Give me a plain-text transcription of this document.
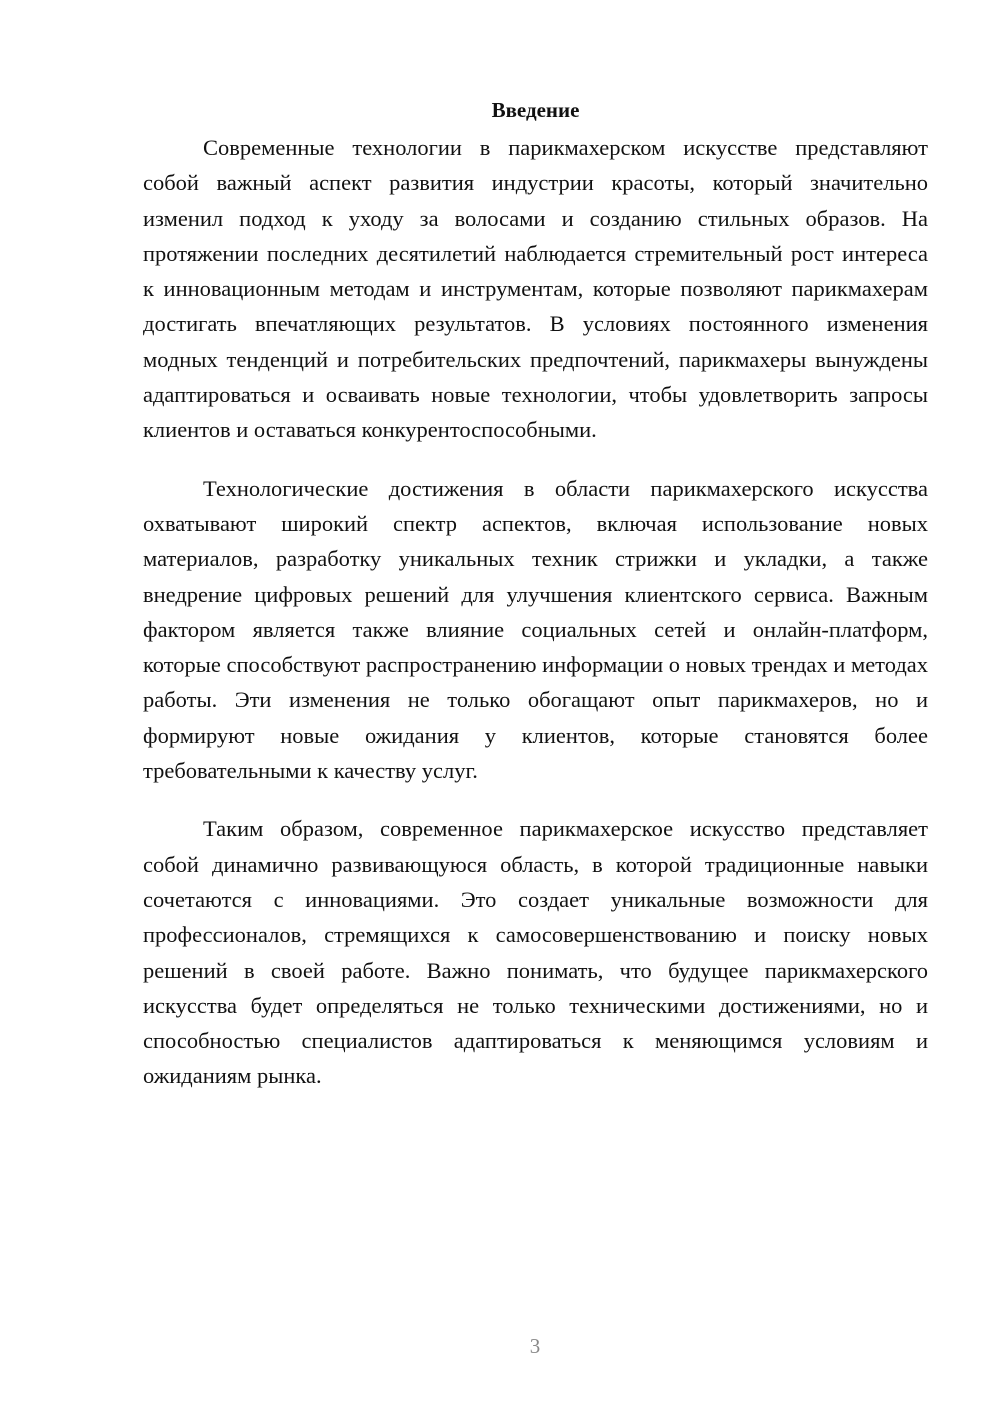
Введение

Современные технологии в парикмахерском искусстве представляют собой важный аспект развития индустрии красоты, который значительно изменил подход к уходу за волосами и созданию стильных образов. На протяжении последних десятилетий наблюдается стремительный рост интереса к инновационным методам и инструментам, которые позволяют парикмахерам достигать впечатляющих результатов. В условиях постоянного изменения модных тенденций и потребительских предпочтений, парикмахеры вынуждены адаптироваться и осваивать новые технологии, чтобы удовлетворить запросы клиентов и оставаться конкурентоспособными.

Технологические достижения в области парикмахерского искусства охватывают широкий спектр аспектов, включая использование новых материалов, разработку уникальных техник стрижки и укладки, а также внедрение цифровых решений для улучшения клиентского сервиса. Важным фактором является также влияние социальных сетей и онлайн-платформ, которые способствуют распространению информации о новых трендах и методах работы. Эти изменения не только обогащают опыт парикмахеров, но и формируют новые ожидания у клиентов, которые становятся более требовательными к качеству услуг.

Таким образом, современное парикмахерское искусство представляет собой динамично развивающуюся область, в которой традиционные навыки сочетаются с инновациями. Это создает уникальные возможности для профессионалов, стремящихся к самосовершенствованию и поиску новых решений в своей работе. Важно понимать, что будущее парикмахерского искусства будет определяться не только техническими достижениями, но и способностью специалистов адаптироваться к меняющимся условиям и ожиданиям рынка.

3
